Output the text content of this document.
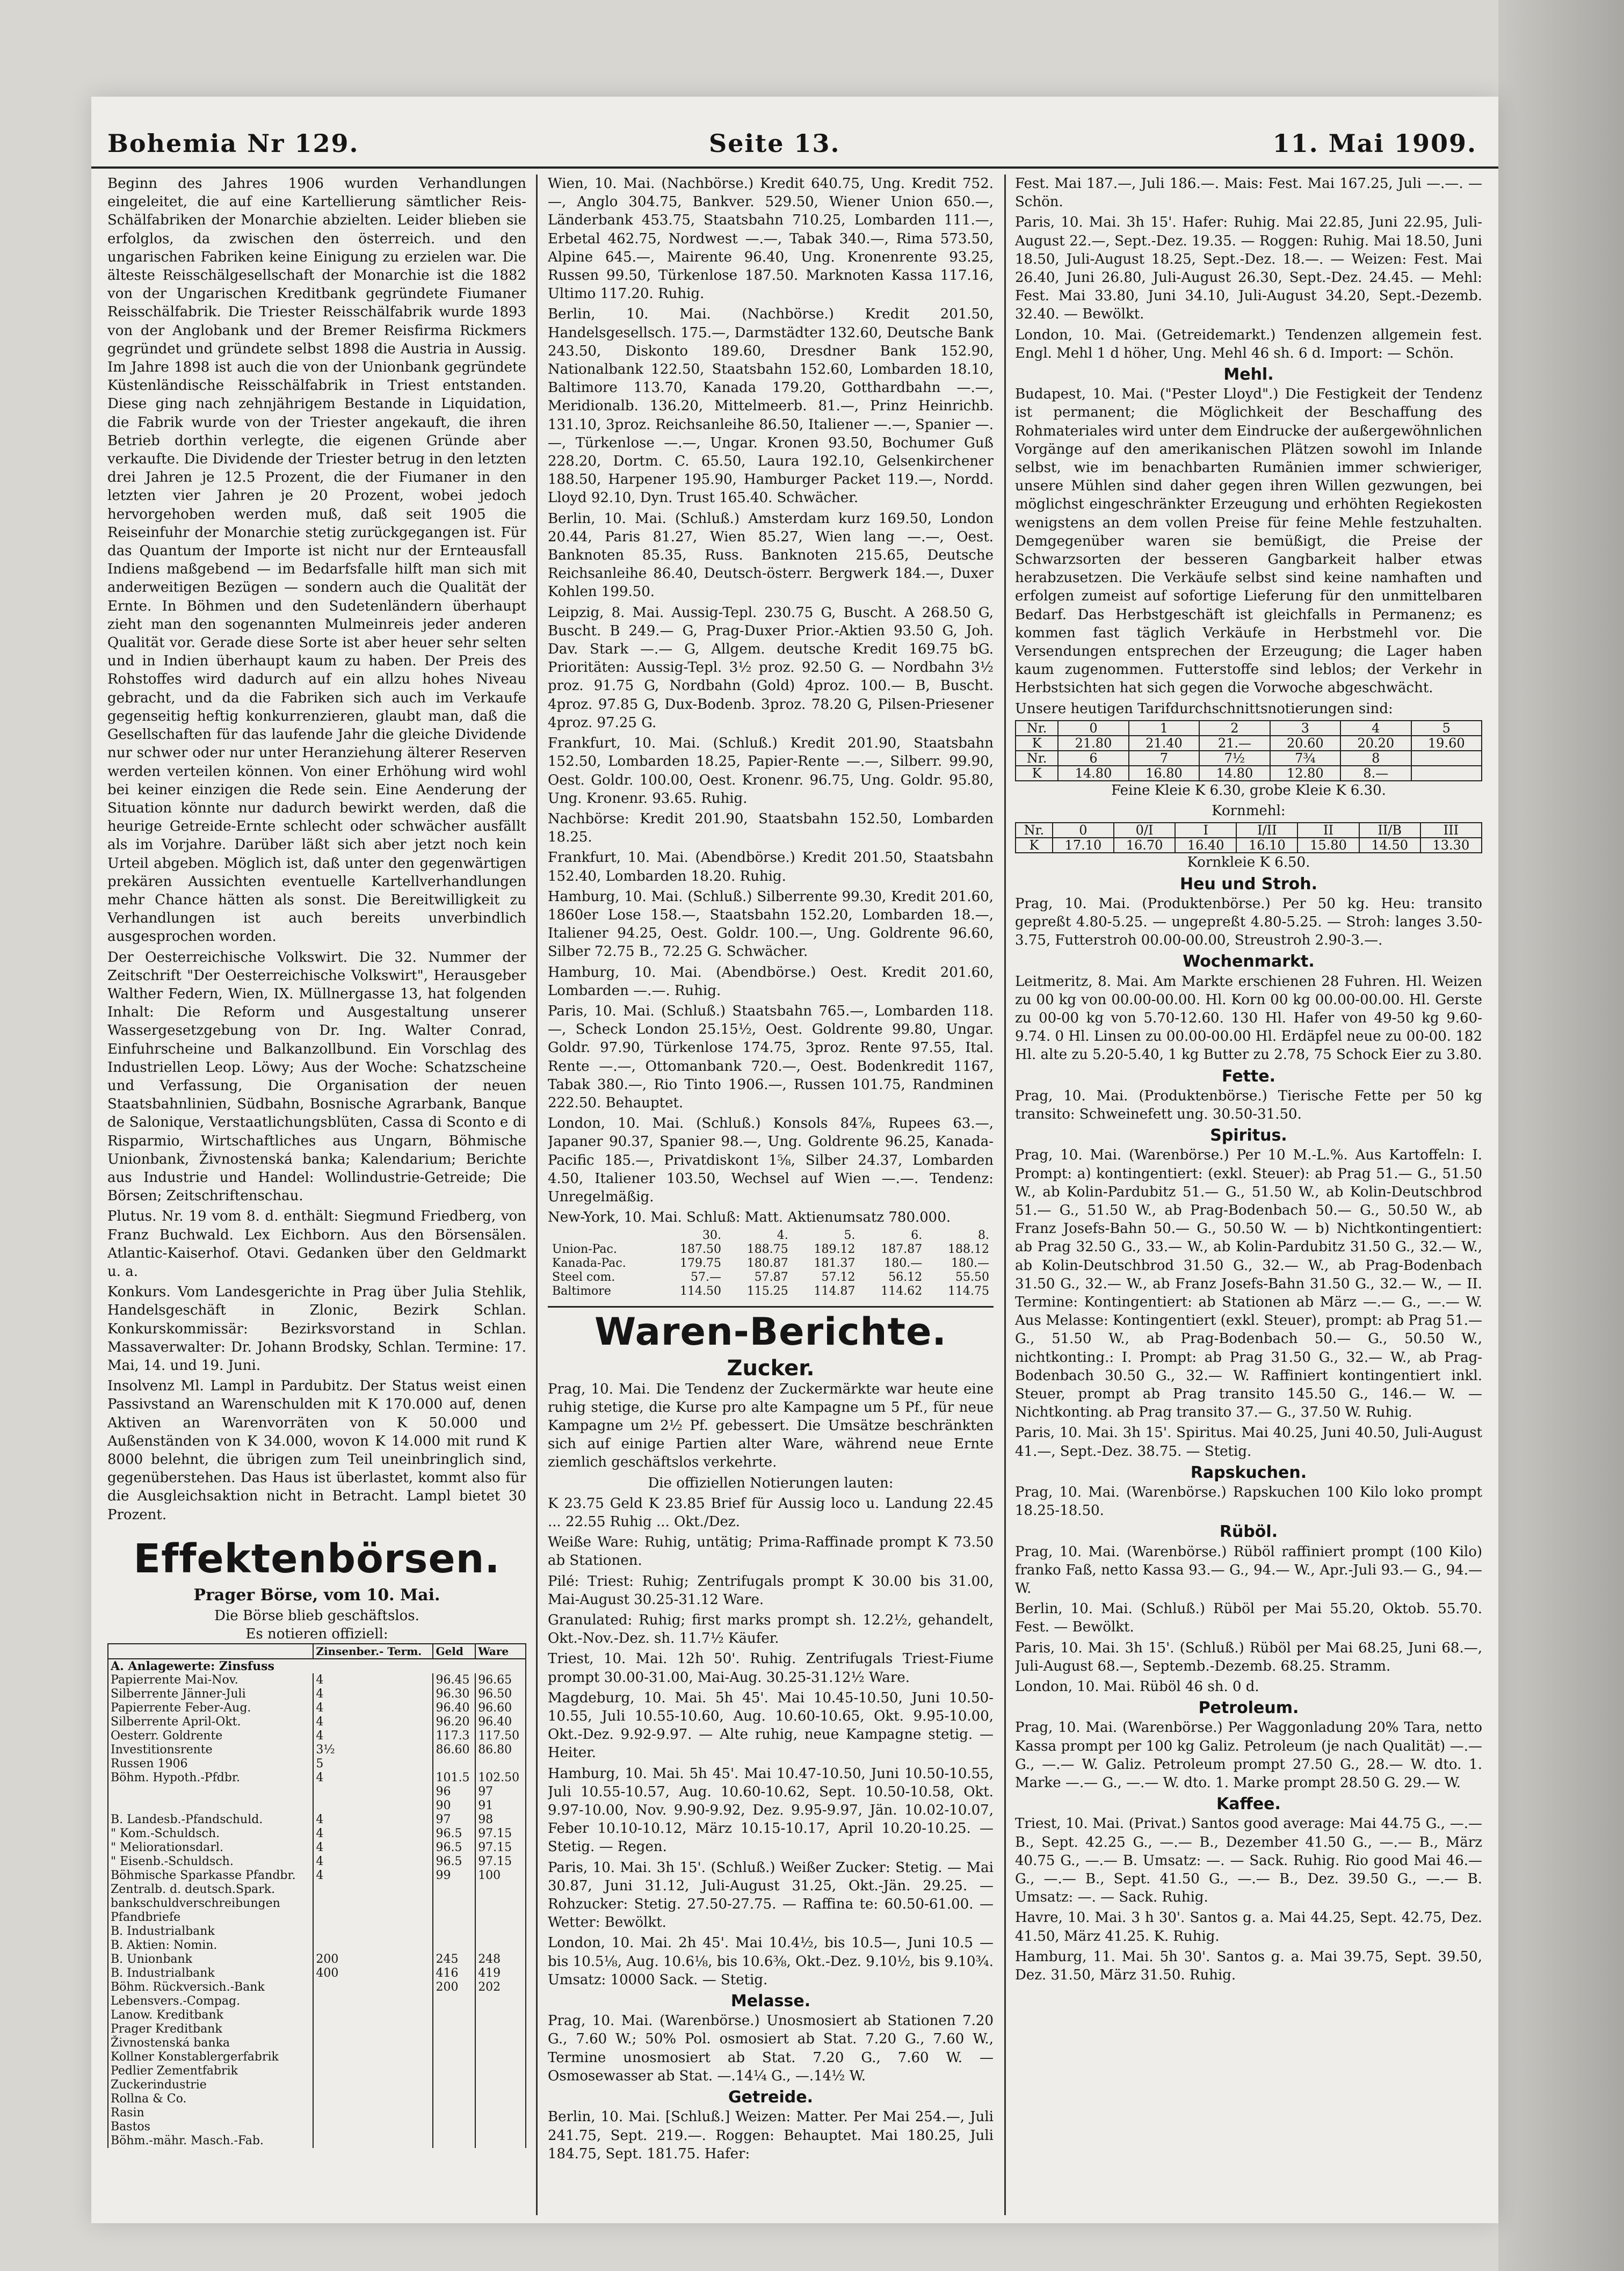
Bohemia Nr 129.	Seite 13.	11. Mai 1909.

Beginn des Jahres 1906 wurden Verhandlungen eingeleitet, die auf eine Kartellierung sämtlicher Reis-Schälfabriken der Monarchie abzielten. Leider blieben sie erfolglos, da zwischen den österreich. und den ungarischen Fabriken keine Einigung zu erzielen war. Die älteste Reisschälgesellschaft der Monarchie ist die 1882 von der Ungarischen Kreditbank gegründete Fiumaner Reisschälfabrik. Die Triester Reisschälfabrik wurde 1893 von der Anglobank und der Bremer Reisfirma Rickmers gegründet und gründete selbst 1898 die Austria in Aussig. Im Jahre 1898 ist auch die von der Unionbank gegründete Küstenländische Reisschälfabrik in Triest entstanden. Diese ging nach zehnjährigem Bestande in Liquidation, die Fabrik wurde von der Triester angekauft, die ihren Betrieb dorthin verlegte, die eigenen Gründe aber verkaufte. Die Dividende der Triester betrug in den letzten drei Jahren je 12.5 Prozent, die der Fiumaner in den letzten vier Jahren je 20 Prozent, wobei jedoch hervorgehoben werden muß, daß seit 1905 die Reiseinfuhr der Monarchie stetig zurückgegangen ist. Für das Quantum der Importe ist nicht nur der Ernteausfall Indiens maßgebend — im Bedarfsfalle hilft man sich mit anderweitigen Bezügen — sondern auch die Qualität der Ernte. In Böhmen und den Sudetenländern überhaupt zieht man den sogenannten Mulmeinreis jeder anderen Qualität vor. Gerade diese Sorte ist aber heuer sehr selten und in Indien überhaupt kaum zu haben. Der Preis des Rohstoffes wird dadurch auf ein allzu hohes Niveau gebracht, und da die Fabriken sich auch im Verkaufe gegenseitig heftig konkurrenzieren, glaubt man, daß die Gesellschaften für das laufende Jahr die gleiche Dividende nur schwer oder nur unter Heranziehung älterer Reserven werden verteilen können. Von einer Erhöhung wird wohl bei keiner einzigen die Rede sein. Eine Aenderung der Situation könnte nur dadurch bewirkt werden, daß die heurige Getreide-Ernte schlecht oder schwächer ausfällt als im Vorjahre. Darüber läßt sich aber jetzt noch kein Urteil abgeben. Möglich ist, daß unter den gegenwärtigen prekären Aussichten eventuelle Kartellverhandlungen mehr Chance hätten als sonst. Die Bereitwilligkeit zu Verhandlungen ist auch bereits unverbindlich ausgesprochen worden.

Der Oesterreichische Volkswirt. Die 32. Nummer der Zeitschrift "Der Oesterreichische Volkswirt", Herausgeber Walther Federn, Wien, IX. Müllnergasse 13, hat folgenden Inhalt: Die Reform und Ausgestaltung unserer Wassergesetzgebung von Dr. Ing. Walter Conrad, Einfuhrscheine und Balkanzollbund. Ein Vorschlag des Industriellen Leop. Löwy; Aus der Woche: Schatzscheine und Verfassung, Die Organisation der neuen Staatsbahnlinien, Südbahn, Bosnische Agrarbank, Banque de Salonique, Verstaatlichungsblüten, Cassa di Sconto e di Risparmio, Wirtschaftliches aus Ungarn, Böhmische Unionbank, Živnostenská banka; Kalendarium; Berichte aus Industrie und Handel: Wollindustrie-Getreide; Die Börsen; Zeitschriftenschau.

Plutus. Nr. 19 vom 8. d. enthält: Siegmund Friedberg, von Franz Buchwald. Lex Eichborn. Aus den Börsensälen. Atlantic-Kaiserhof. Otavi. Gedanken über den Geldmarkt u. a.

Konkurs. Vom Landesgerichte in Prag über Julia Stehlik, Handelsgeschäft in Zlonic, Bezirk Schlan. Konkurskommissär: Bezirksvorstand in Schlan. Massaverwalter: Dr. Johann Brodsky, Schlan. Termine: 17. Mai, 14. und 19. Juni.

Insolvenz Ml. Lampl in Pardubitz. Der Status weist einen Passivstand an Warenschulden mit K 170.000 auf, denen Aktiven an Warenvorräten von K 50.000 und Außenständen von K 34.000, wovon K 14.000 mit rund K 8000 belehnt, die übrigen zum Teil uneinbringlich sind, gegenüberstehen. Das Haus ist überlastet, kommt also für die Ausgleichsaktion nicht in Betracht. Lampl bietet 30 Prozent.

Effektenbörsen.
Prager Börse, vom 10. Mai.
Die Börse blieb geschäftslos.
Es notieren offiziell:
	Zinsenber.- Term.	Geld	Ware
A. Anlagewerte: Zinsfuss			
Papierrente Mai-Nov.	4	96.45	96.65
Silberrente Jänner-Juli	4	96.30	96.50
Papierrente Feber-Aug.	4	96.40	96.60
Silberrente April-Okt.	4	96.20	96.40
Oesterr. Goldrente	4	117.3	117.50
Investitionsrente	3½	86.60	86.80
Russen 1906	5		
Böhm. Hypoth.-Pfdbr.	4	101.5	102.50
		96	97
		90	91
B. Landesb.-Pfandschuld.	4	97	98
" Kom.-Schuldsch.	4	96.5	97.15
" Meliorationsdarl.	4	96.5	97.15
" Eisenb.-Schuldsch.	4	96.5	97.15
Böhmische Sparkasse Pfandbr.	4	99	100
Zentralb. d. deutsch.Spark.			
bankschuldverschreibungen			
Pfandbriefe			
B. Industrialbank			
B. Aktien: Nomin.			
B. Unionbank	200	245	248
B. Industrialbank	400	416	419
Böhm. Rückversich.-Bank		200	202
Lebensvers.-Compag.			
Lanow. Kreditbank			
Prager Kreditbank			
Živnostenská banka			
Kollner Konstablergerfabrik			
Pedlier Zementfabrik			
Zuckerindustrie			
Rollna & Co.			
Rasin			
Bastos			
Böhm.-mähr. Masch.-Fab.			

Wien, 10. Mai. (Nachbörse.) Kredit 640.75, Ung. Kredit 752.—, Anglo 304.75, Bankver. 529.50, Wiener Union 650.—, Länderbank 453.75, Staatsbahn 710.25, Lombarden 111.—, Erbetal 462.75, Nordwest —.—, Tabak 340.—, Rima 573.50, Alpine 645.—, Mairente 96.40, Ung. Kronenrente 93.25, Russen 99.50, Türkenlose 187.50. Marknoten Kassa 117.16, Ultimo 117.20. Ruhig.

Berlin, 10. Mai. (Nachbörse.) Kredit 201.50, Handelsgesellsch. 175.—, Darmstädter 132.60, Deutsche Bank 243.50, Diskonto 189.60, Dresdner Bank 152.90, Nationalbank 122.50, Staatsbahn 152.60, Lombarden 18.10, Baltimore 113.70, Kanada 179.20, Gotthardbahn —.—, Meridionalb. 136.20, Mittelmeerb. 81.—, Prinz Heinrichb. 131.10, 3proz. Reichsanleihe 86.50, Italiener —.—, Spanier —.—, Türkenlose —.—, Ungar. Kronen 93.50, Bochumer Guß 228.20, Dortm. C. 65.50, Laura 192.10, Gelsenkirchener 188.50, Harpener 195.90, Hamburger Packet 119.—, Nordd. Lloyd 92.10, Dyn. Trust 165.40. Schwächer.

Berlin, 10. Mai. (Schluß.) Amsterdam kurz 169.50, London 20.44, Paris 81.27, Wien 85.27, Wien lang —.—, Oest. Banknoten 85.35, Russ. Banknoten 215.65, Deutsche Reichsanleihe 86.40, Deutsch-österr. Bergwerk 184.—, Duxer Kohlen 199.50.

Leipzig, 8. Mai. Aussig-Tepl. 230.75 G, Buscht. A 268.50 G, Buscht. B 249.— G, Prag-Duxer Prior.-Aktien 93.50 G, Joh. Dav. Stark —.— G, Allgem. deutsche Kredit 169.75 bG. Prioritäten: Aussig-Tepl. 3½ proz. 92.50 G. — Nordbahn 3½ proz. 91.75 G, Nordbahn (Gold) 4proz. 100.— B, Buscht. 4proz. 97.85 G, Dux-Bodenb. 3proz. 78.20 G, Pilsen-Priesener 4proz. 97.25 G.

Frankfurt, 10. Mai. (Schluß.) Kredit 201.90, Staatsbahn 152.50, Lombarden 18.25, Papier-Rente —.—, Silberr. 99.90, Oest. Goldr. 100.00, Oest. Kronenr. 96.75, Ung. Goldr. 95.80, Ung. Kronenr. 93.65. Ruhig.

Nachbörse: Kredit 201.90, Staatsbahn 152.50, Lombarden 18.25.

Frankfurt, 10. Mai. (Abendbörse.) Kredit 201.50, Staatsbahn 152.40, Lombarden 18.20. Ruhig.

Hamburg, 10. Mai. (Schluß.) Silberrente 99.30, Kredit 201.60, 1860er Lose 158.—, Staatsbahn 152.20, Lombarden 18.—, Italiener 94.25, Oest. Goldr. 100.—, Ung. Goldrente 96.60, Silber 72.75 B., 72.25 G. Schwächer.

Hamburg, 10. Mai. (Abendbörse.) Oest. Kredit 201.60, Lombarden —.—. Ruhig.

Paris, 10. Mai. (Schluß.) Staatsbahn 765.—, Lombarden 118.—, Scheck London 25.15½, Oest. Goldrente 99.80, Ungar. Goldr. 97.90, Türkenlose 174.75, 3proz. Rente 97.55, Ital. Rente —.—, Ottomanbank 720.—, Oest. Bodenkredit 1167, Tabak 380.—, Rio Tinto 1906.—, Russen 101.75, Randminen 222.50. Behauptet.

London, 10. Mai. (Schluß.) Konsols 84⅞, Rupees 63.—, Japaner 90.37, Spanier 98.—, Ung. Goldrente 96.25, Kanada-Pacific 185.—, Privatdiskont 1⅝, Silber 24.37, Lombarden 4.50, Italiener 103.50, Wechsel auf Wien —.—. Tendenz: Unregelmäßig.

New-York, 10. Mai. Schluß: Matt. Aktienumsatz 780.000.

	30.	4.	5.	6.	8.
Union-Pac.	187.50	188.75	189.12	187.87	188.12
Kanada-Pac.	179.75	180.87	181.37	180.—	180.—
Steel com.	57.—	57.87	57.12	56.12	55.50
Baltimore	114.50	115.25	114.87	114.62	114.75
Waren-Berichte.
Zucker.

Prag, 10. Mai. Die Tendenz der Zuckermärkte war heute eine ruhig stetige, die Kurse pro alte Kampagne um 5 Pf., für neue Kampagne um 2½ Pf. gebessert. Die Umsätze beschränkten sich auf einige Partien alter Ware, während neue Ernte ziemlich geschäftslos verkehrte.

Die offiziellen Notierungen lauten:

K 23.75 Geld K 23.85 Brief für Aussig loco u. Landung 22.45 ... 22.55 Ruhig ... Okt./Dez.

Weiße Ware: Ruhig, untätig; Prima-Raffinade prompt K 73.50 ab Stationen.

Pilé: Triest: Ruhig; Zentrifugals prompt K 30.00 bis 31.00, Mai-August 30.25-31.12 Ware.

Granulated: Ruhig; first marks prompt sh. 12.2½, gehandelt, Okt.-Nov.-Dez. sh. 11.7½ Käufer.

Triest, 10. Mai. 12h 50'. Ruhig. Zentrifugals Triest-Fiume prompt 30.00-31.00, Mai-Aug. 30.25-31.12½ Ware.

Magdeburg, 10. Mai. 5h 45'. Mai 10.45-10.50, Juni 10.50-10.55, Juli 10.55-10.60, Aug. 10.60-10.65, Okt. 9.95-10.00, Okt.-Dez. 9.92-9.97. — Alte ruhig, neue Kampagne stetig. — Heiter.

Hamburg, 10. Mai. 5h 45'. Mai 10.47-10.50, Juni 10.50-10.55, Juli 10.55-10.57, Aug. 10.60-10.62, Sept. 10.50-10.58, Okt. 9.97-10.00, Nov. 9.90-9.92, Dez. 9.95-9.97, Jän. 10.02-10.07, Feber 10.10-10.12, März 10.15-10.17, April 10.20-10.25. — Stetig. — Regen.

Paris, 10. Mai. 3h 15'. (Schluß.) Weißer Zucker: Stetig. — Mai 30.87, Juni 31.12, Juli-August 31.25, Okt.-Jän. 29.25. — Rohzucker: Stetig. 27.50-27.75. — Raffina te: 60.50-61.00. — Wetter: Bewölkt.

London, 10. Mai. 2h 45'. Mai 10.4½, bis 10.5—, Juni 10.5 — bis 10.5⅛, Aug. 10.6⅛, bis 10.6⅜, Okt.-Dez. 9.10½, bis 9.10¾. Umsatz: 10000 Sack. — Stetig.

Melasse.

Prag, 10. Mai. (Warenbörse.) Unosmosiert ab Stationen 7.20 G., 7.60 W.; 50% Pol. osmosiert ab Stat. 7.20 G., 7.60 W., Termine unosmosiert ab Stat. 7.20 G., 7.60 W. — Osmosewasser ab Stat. —.14¼ G., —.14½ W.

Getreide.

Berlin, 10. Mai. [Schluß.] Weizen: Matter. Per Mai 254.—, Juli 241.75, Sept. 219.—. Roggen: Behauptet. Mai 180.25, Juli 184.75, Sept. 181.75. Hafer:

Fest. Mai 187.—, Juli 186.—. Mais: Fest. Mai 167.25, Juli —.—. — Schön.

Paris, 10. Mai. 3h 15'. Hafer: Ruhig. Mai 22.85, Juni 22.95, Juli-August 22.—, Sept.-Dez. 19.35. — Roggen: Ruhig. Mai 18.50, Juni 18.50, Juli-August 18.25, Sept.-Dez. 18.—. — Weizen: Fest. Mai 26.40, Juni 26.80, Juli-August 26.30, Sept.-Dez. 24.45. — Mehl: Fest. Mai 33.80, Juni 34.10, Juli-August 34.20, Sept.-Dezemb. 32.40. — Bewölkt.

London, 10. Mai. (Getreidemarkt.) Tendenzen allgemein fest. Engl. Mehl 1 d höher, Ung. Mehl 46 sh. 6 d. Import: — Schön.

Mehl.

Budapest, 10. Mai. ("Pester Lloyd".) Die Festigkeit der Tendenz ist permanent; die Möglichkeit der Beschaffung des Rohmateriales wird unter dem Eindrucke der außergewöhnlichen Vorgänge auf den amerikanischen Plätzen sowohl im Inlande selbst, wie im benachbarten Rumänien immer schwieriger, unsere Mühlen sind daher gegen ihren Willen gezwungen, bei möglichst eingeschränkter Erzeugung und erhöhten Regiekosten wenigstens an dem vollen Preise für feine Mehle festzuhalten. Demgegenüber waren sie bemüßigt, die Preise der Schwarzsorten der besseren Gangbarkeit halber etwas herabzusetzen. Die Verkäufe selbst sind keine namhaften und erfolgen zumeist auf sofortige Lieferung für den unmittelbaren Bedarf. Das Herbstgeschäft ist gleichfalls in Permanenz; es kommen fast täglich Verkäufe in Herbstmehl vor. Die Versendungen entsprechen der Erzeugung; die Lager haben kaum zugenommen. Futterstoffe sind leblos; der Verkehr in Herbstsichten hat sich gegen die Vorwoche abgeschwächt.

Unsere heutigen Tarifdurchschnittsnotierungen sind:

Nr.	0	1	2	3	4	5
K	21.80	21.40	21.—	20.60	20.20	19.60
Nr.	6	7	7½	7¾	8	
K	14.80	16.80	14.80	12.80	8.—	

Feine Kleie K 6.30, grobe Kleie K 6.30.

Kornmehl:

Nr.	0	0/I	I	I/II	II	II/B	III
K	17.10	16.70	16.40	16.10	15.80	14.50	13.30

Kornkleie K 6.50.

Heu und Stroh.

Prag, 10. Mai. (Produktenbörse.) Per 50 kg. Heu: transito gepreßt 4.80-5.25. — ungepreßt 4.80-5.25. — Stroh: langes 3.50-3.75, Futterstroh 00.00-00.00, Streustroh 2.90-3.—.

Wochenmarkt.

Leitmeritz, 8. Mai. Am Markte erschienen 28 Fuhren. Hl. Weizen zu 00 kg von 00.00-00.00. Hl. Korn 00 kg 00.00-00.00. Hl. Gerste zu 00-00 kg von 5.70-12.60. 130 Hl. Hafer von 49-50 kg 9.60-9.74. 0 Hl. Linsen zu 00.00-00.00 Hl. Erdäpfel neue zu 00-00. 182 Hl. alte zu 5.20-5.40, 1 kg Butter zu 2.78, 75 Schock Eier zu 3.80.

Fette.

Prag, 10. Mai. (Produktenbörse.) Tierische Fette per 50 kg transito: Schweinefett ung. 30.50-31.50.

Spiritus.

Prag, 10. Mai. (Warenbörse.) Per 10 M.-L.%. Aus Kartoffeln: I. Prompt: a) kontingentiert: (exkl. Steuer): ab Prag 51.— G., 51.50 W., ab Kolin-Pardubitz 51.— G., 51.50 W., ab Kolin-Deutschbrod 51.— G., 51.50 W., ab Prag-Bodenbach 50.— G., 50.50 W., ab Franz Josefs-Bahn 50.— G., 50.50 W. — b) Nichtkontingentiert: ab Prag 32.50 G., 33.— W., ab Kolin-Pardubitz 31.50 G., 32.— W., ab Kolin-Deutschbrod 31.50 G., 32.— W., ab Prag-Bodenbach 31.50 G., 32.— W., ab Franz Josefs-Bahn 31.50 G., 32.— W., — II. Termine: Kontingentiert: ab Stationen ab März —.— G., —.— W. Aus Melasse: Kontingentiert (exkl. Steuer), prompt: ab Prag 51.— G., 51.50 W., ab Prag-Bodenbach 50.— G., 50.50 W., nichtkonting.: I. Prompt: ab Prag 31.50 G., 32.— W., ab Prag-Bodenbach 30.50 G., 32.— W. Raffiniert kontingentiert inkl. Steuer, prompt ab Prag transito 145.50 G., 146.— W. — Nichtkonting. ab Prag transito 37.— G., 37.50 W. Ruhig.

Paris, 10. Mai. 3h 15'. Spiritus. Mai 40.25, Juni 40.50, Juli-August 41.—, Sept.-Dez. 38.75. — Stetig.

Rapskuchen.

Prag, 10. Mai. (Warenbörse.) Rapskuchen 100 Kilo loko prompt 18.25-18.50.

Rüböl.

Prag, 10. Mai. (Warenbörse.) Rüböl raffiniert prompt (100 Kilo) franko Faß, netto Kassa 93.— G., 94.— W., Apr.-Juli 93.— G., 94.— W.

Berlin, 10. Mai. (Schluß.) Rüböl per Mai 55.20, Oktob. 55.70. Fest. — Bewölkt.

Paris, 10. Mai. 3h 15'. (Schluß.) Rüböl per Mai 68.25, Juni 68.—, Juli-August 68.—, Septemb.-Dezemb. 68.25. Stramm.

London, 10. Mai. Rüböl 46 sh. 0 d.

Petroleum.

Prag, 10. Mai. (Warenbörse.) Per Waggonladung 20% Tara, netto Kassa prompt per 100 kg Galiz. Petroleum (je nach Qualität) —.— G., —.— W. Galiz. Petroleum prompt 27.50 G., 28.— W. dto. 1. Marke —.— G., —.— W. dto. 1. Marke prompt 28.50 G. 29.— W.

Kaffee.

Triest, 10. Mai. (Privat.) Santos good average: Mai 44.75 G., —.— B., Sept. 42.25 G., —.— B., Dezember 41.50 G., —.— B., März 40.75 G., —.— B. Umsatz: —. — Sack. Ruhig. Rio good Mai 46.— G., —.— B., Sept. 41.50 G., —.— B., Dez. 39.50 G., —.— B. Umsatz: —. — Sack. Ruhig.

Havre, 10. Mai. 3 h 30'. Santos g. a. Mai 44.25, Sept. 42.75, Dez. 41.50, März 41.25. K. Ruhig.

Hamburg, 11. Mai. 5h 30'. Santos g. a. Mai 39.75, Sept. 39.50, Dez. 31.50, März 31.50. Ruhig.
